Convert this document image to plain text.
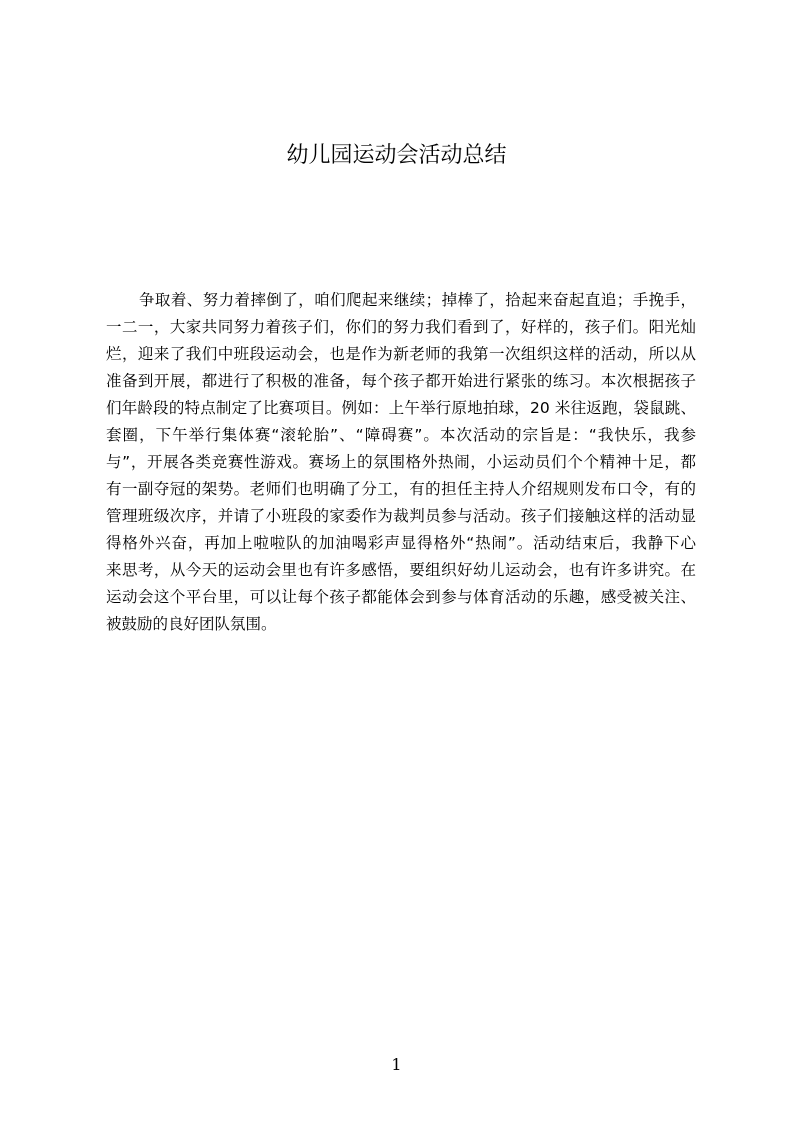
幼儿园运动会活动总结
争取着、努力着摔倒了，咱们爬起来继续；掉棒了，拾起来奋起直追；手挽手，
一二一，大家共同努力着孩子们，你们的努力我们看到了，好样的，孩子们。阳光灿
烂，迎来了我们中班段运动会，也是作为新老师的我第一次组织这样的活动，所以从
准备到开展，都进行了积极的准备，每个孩子都开始进行紧张的练习。本次根据孩子
们年龄段的特点制定了比赛项目。例如：上午举行原地拍球，20 米往返跑，袋鼠跳、
套圈，下午举行集体赛“滚轮胎”、“障碍赛”。本次活动的宗旨是：“我快乐，我参
与”，开展各类竞赛性游戏。赛场上的氛围格外热闹，小运动员们个个精神十足，都
有一副夺冠的架势。老师们也明确了分工，有的担任主持人介绍规则发布口令，有的
管理班级次序，并请了小班段的家委作为裁判员参与活动。孩子们接触这样的活动显
得格外兴奋，再加上啦啦队的加油喝彩声显得格外“热闹”。活动结束后，我静下心
来思考，从今天的运动会里也有许多感悟，要组织好幼儿运动会，也有许多讲究。在
运动会这个平台里，可以让每个孩子都能体会到参与体育活动的乐趣，感受被关注、
被鼓励的良好团队氛围。
1
